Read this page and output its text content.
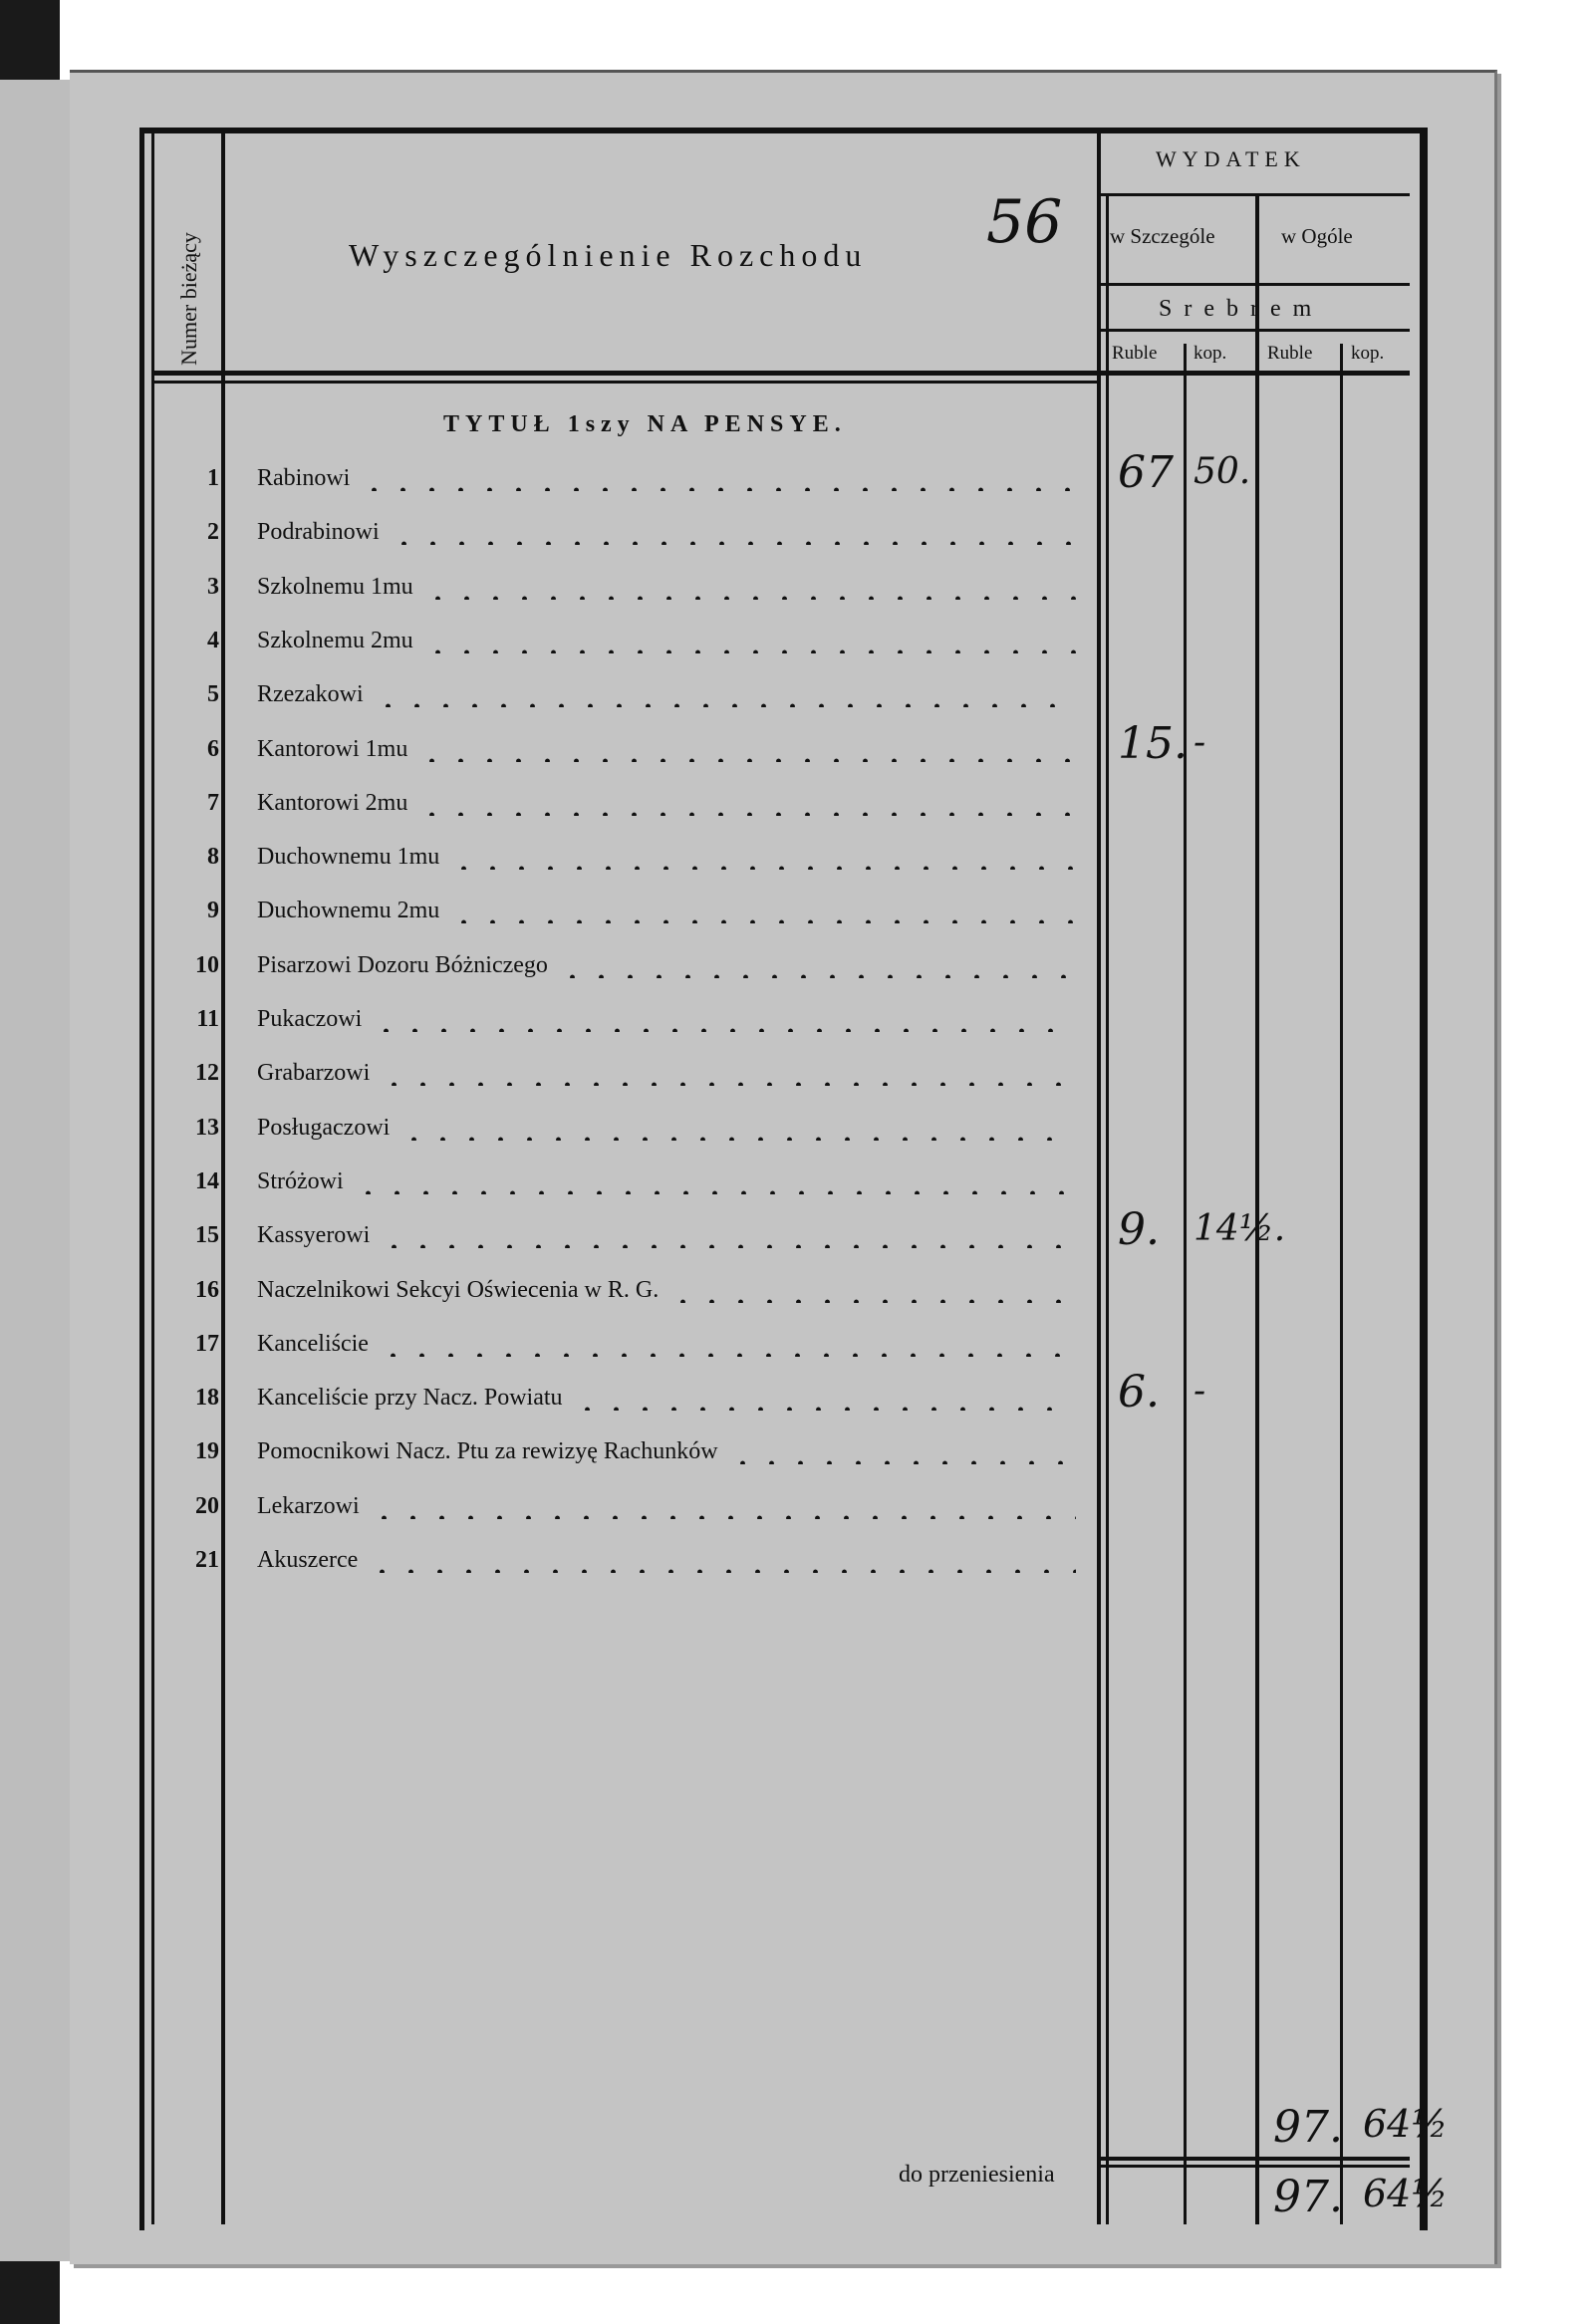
Numer bieżący	Wyszczególnienie Rozchodu 56
WYDATEK
w Szczególe	w Ogóle
Srebrem
Ruble kop. Ruble kop.
TYTUŁ 1szy NA PENSYE.
1 Rabinowi	67 50.
2 Podrabinowi
3 Szkolnemu 1mu
4 Szkolnemu 2mu
5 Rzezakowi
6 Kantorowi 1mu	15. -
7 Kantorowi 2mu
8 Duchownemu 1mu
9 Duchownemu 2mu
10 Pisarzowi Dozoru Bóżniczego
11 Pukaczowi
12 Grabarzowi
13 Posługaczowi
14 Stróżowi
15 Kassyerowi	9. 14½.
16 Naczelnikowi Sekcyi Oświecenia w R. G.
17 Kanceliście
18 Kanceliście przy Nacz. Powiatu	6. -
19 Pomocnikowi Nacz. Ptu za rewizyę Rachunków
20 Lekarzowi
21 Akuszerce
97. 64½
do przeniesienia	97. 64½
